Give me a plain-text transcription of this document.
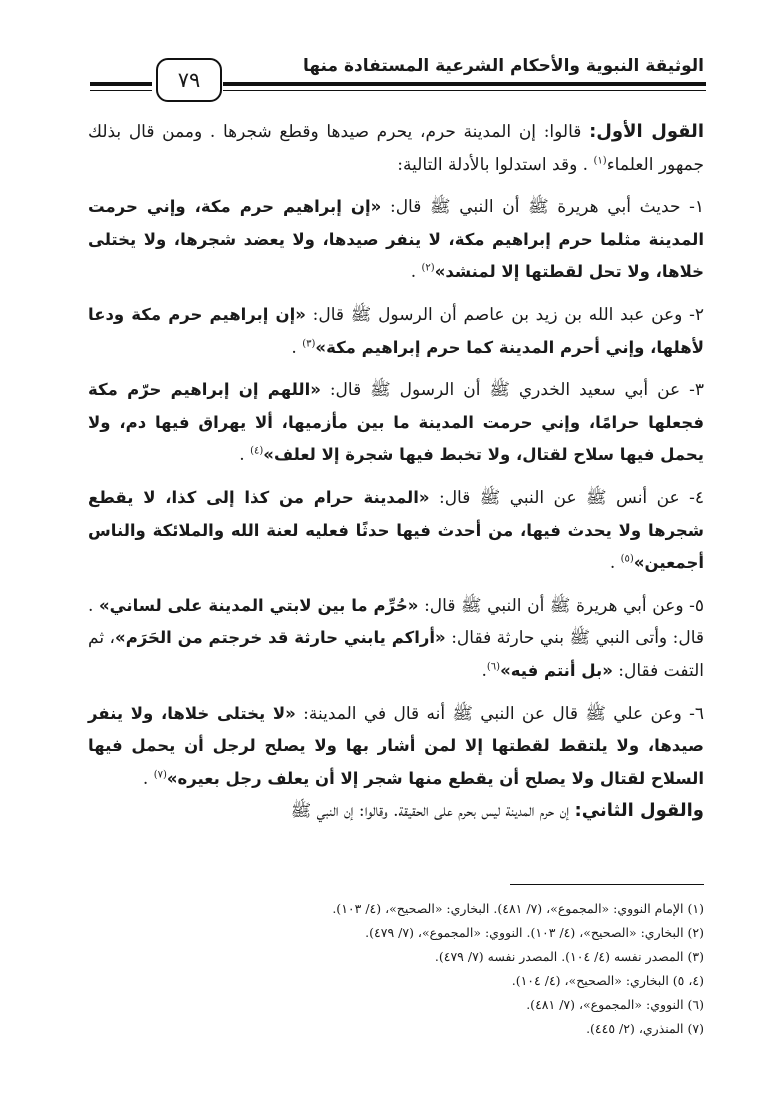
الوثيقة النبوية والأحكام الشرعية المستفادة منها
٧٩

القول الأول: قالوا: إن المدينة حرم، يحرم صيدها وقطع شجرها . وممن قال بذلك جمهور العلماء$^{(١)}$ . وقد استدلوا بالأدلة التالية:

١- حديث أبي هريرة ﷺ أن النبي ﷺ قال: «إن إبراهيم حرم مكة، وإني حرمت المدينة مثلما حرم إبراهيم مكة، لا ينفر صيدها، ولا يعضد شجرها، ولا يختلى خلاها، ولا تحل لقطتها إلا لمنشد»$^{(٢)}$ .

٢- وعن عبد الله بن زيد بن عاصم أن الرسول ﷺ قال: «إن إبراهيم حرم مكة ودعا لأهلها، وإني أحرم المدينة كما حرم إبراهيم مكة»$^{(٣)}$ .

٣- عن أبي سعيد الخدري ﷺ أن الرسول ﷺ قال: «اللهم إن إبراهيم حرّم مكة فجعلها حرامًا، وإني حرمت المدينة ما بين مأزميها، ألا يهراق فيها دم، ولا يحمل فيها سلاح لقتال، ولا تخبط فيها شجرة إلا لعلف»$^{(٤)}$ .

٤- عن أنس ﷺ عن النبي ﷺ قال: «المدينة حرام من كذا إلى كذا، لا يقطع شجرها ولا يحدث فيها، من أحدث فيها حدثًا فعليه لعنة الله والملائكة والناس أجمعين»$^{(٥)}$ .

٥- وعن أبي هريرة ﷺ أن النبي ﷺ قال: «حُرِّم ما بين لابتي المدينة على لساني» . قال: وأتى النبي ﷺ بني حارثة فقال: «أراكم يابني حارثة قد خرجتم من الحَرَم»، ثم التفت فقال: «بل أنتم فيه»$^{(٦)}$.

٦- وعن علي ﷺ قال عن النبي ﷺ أنه قال في المدينة: «لا يختلى خلاها، ولا ينفر صيدها، ولا يلتقط لقطتها إلا لمن أشار بها ولا يصلح لرجل أن يحمل فيها السلاح لقتال ولا يصلح أن يقطع منها شجر إلا أن يعلف رجل بعيره»$^{(٧)}$ .

والقول الثاني: إن حرم المدينة ليس بحرم على الحقيقة. وقالوا: إن النبي ﷺ

(١) الإمام النووي: «المجموع»، (٧/ ٤٨١). البخاري: «الصحيح»، (٤/ ١٠٣).
(٢) البخاري: «الصحيح»، (٤/ ١٠٣). النووي: «المجموع»، (٧/ ٤٧٩).
(٣) المصدر نفسه (٤/ ١٠٤). المصدر نفسه (٧/ ٤٧٩).
(٤، ٥) البخاري: «الصحيح»، (٤/ ١٠٤).
(٦) النووي: «المجموع»، (٧/ ٤٨١).
(٧) المنذري، (٢/ ٤٤٥).
